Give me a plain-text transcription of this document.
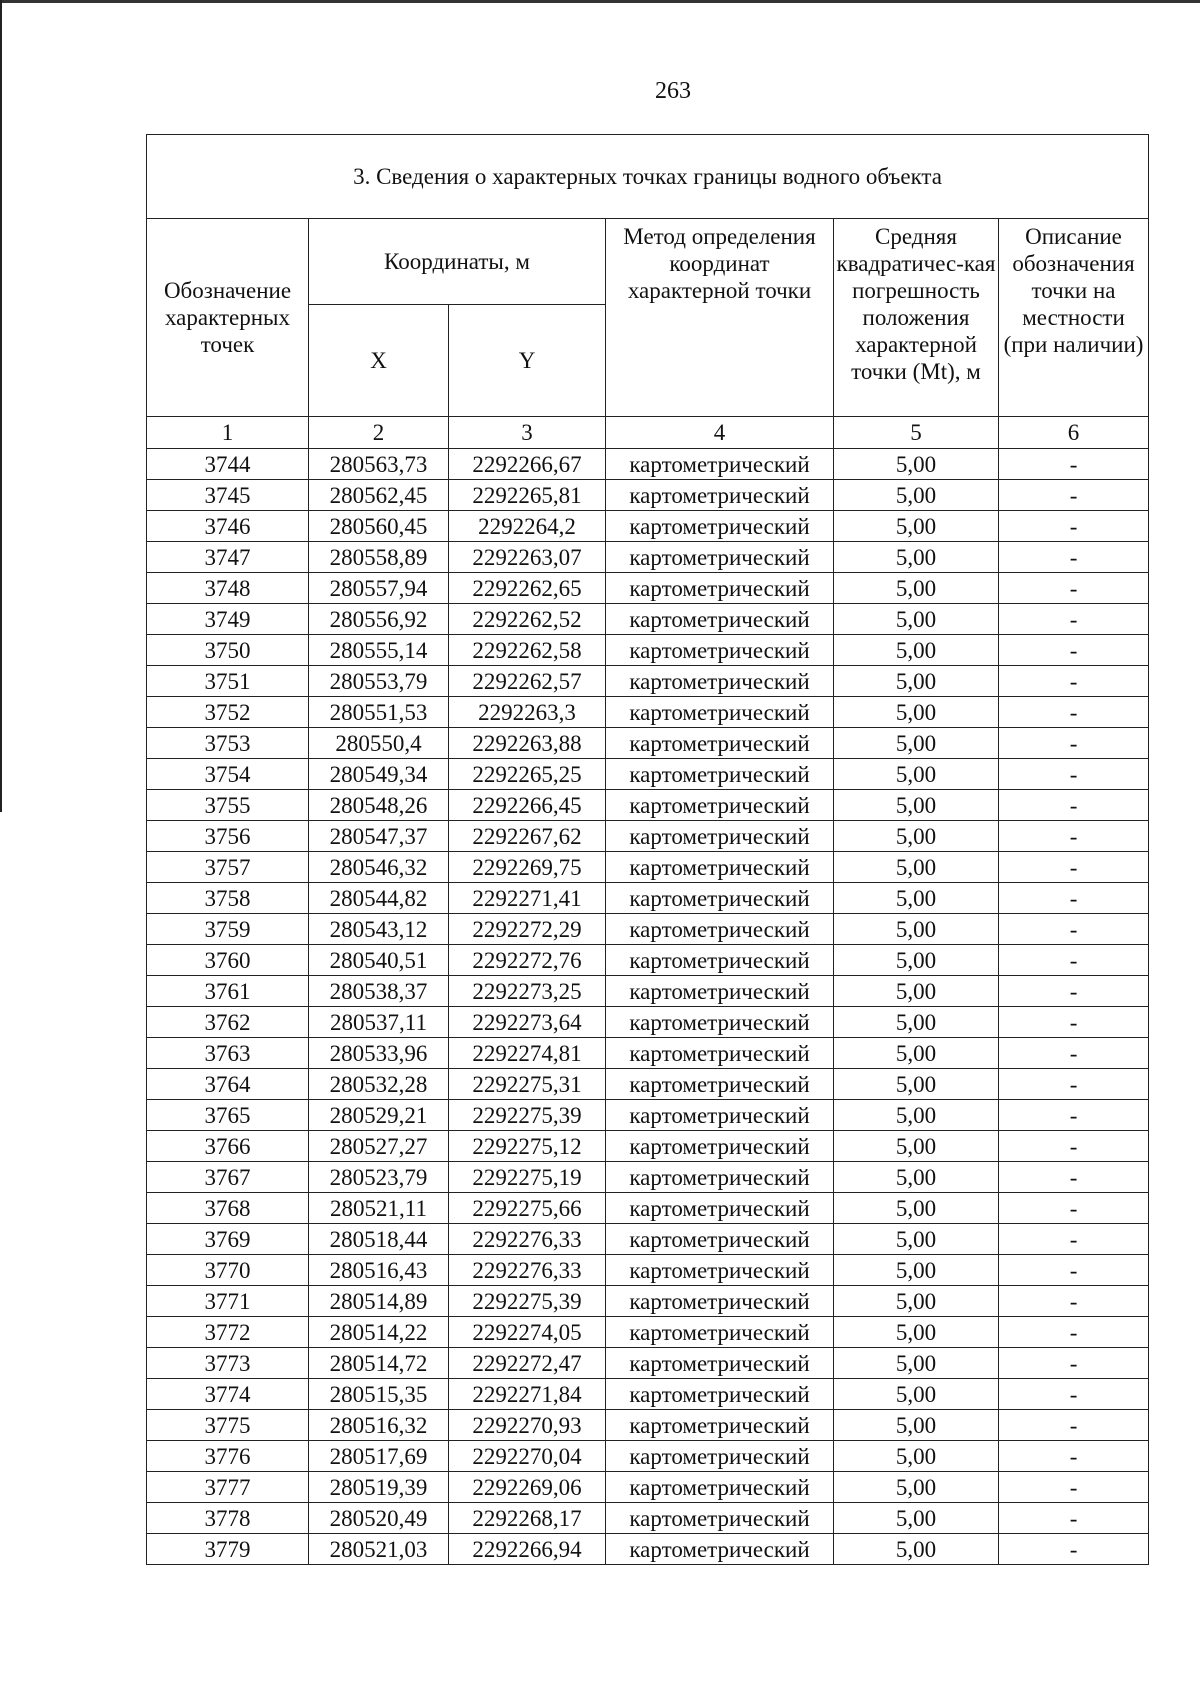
263
3. Сведения о характерных точках границы водного объекта					
Обозначение характерных точек	Координаты, м		Метод определения координат характерной точки	Средняя квадратичес-кая погрешность положения характерной точки (Mt), м	Описание обозначения точки на местности (при наличии)
	X	Y			
1	2	3	4	5	6
3744	280563,73	2292266,67	картометрический	5,00	-
3745	280562,45	2292265,81	картометрический	5,00	-
3746	280560,45	2292264,2	картометрический	5,00	-
3747	280558,89	2292263,07	картометрический	5,00	-
3748	280557,94	2292262,65	картометрический	5,00	-
3749	280556,92	2292262,52	картометрический	5,00	-
3750	280555,14	2292262,58	картометрический	5,00	-
3751	280553,79	2292262,57	картометрический	5,00	-
3752	280551,53	2292263,3	картометрический	5,00	-
3753	280550,4	2292263,88	картометрический	5,00	-
3754	280549,34	2292265,25	картометрический	5,00	-
3755	280548,26	2292266,45	картометрический	5,00	-
3756	280547,37	2292267,62	картометрический	5,00	-
3757	280546,32	2292269,75	картометрический	5,00	-
3758	280544,82	2292271,41	картометрический	5,00	-
3759	280543,12	2292272,29	картометрический	5,00	-
3760	280540,51	2292272,76	картометрический	5,00	-
3761	280538,37	2292273,25	картометрический	5,00	-
3762	280537,11	2292273,64	картометрический	5,00	-
3763	280533,96	2292274,81	картометрический	5,00	-
3764	280532,28	2292275,31	картометрический	5,00	-
3765	280529,21	2292275,39	картометрический	5,00	-
3766	280527,27	2292275,12	картометрический	5,00	-
3767	280523,79	2292275,19	картометрический	5,00	-
3768	280521,11	2292275,66	картометрический	5,00	-
3769	280518,44	2292276,33	картометрический	5,00	-
3770	280516,43	2292276,33	картометрический	5,00	-
3771	280514,89	2292275,39	картометрический	5,00	-
3772	280514,22	2292274,05	картометрический	5,00	-
3773	280514,72	2292272,47	картометрический	5,00	-
3774	280515,35	2292271,84	картометрический	5,00	-
3775	280516,32	2292270,93	картометрический	5,00	-
3776	280517,69	2292270,04	картометрический	5,00	-
3777	280519,39	2292269,06	картометрический	5,00	-
3778	280520,49	2292268,17	картометрический	5,00	-
3779	280521,03	2292266,94	картометрический	5,00	-
